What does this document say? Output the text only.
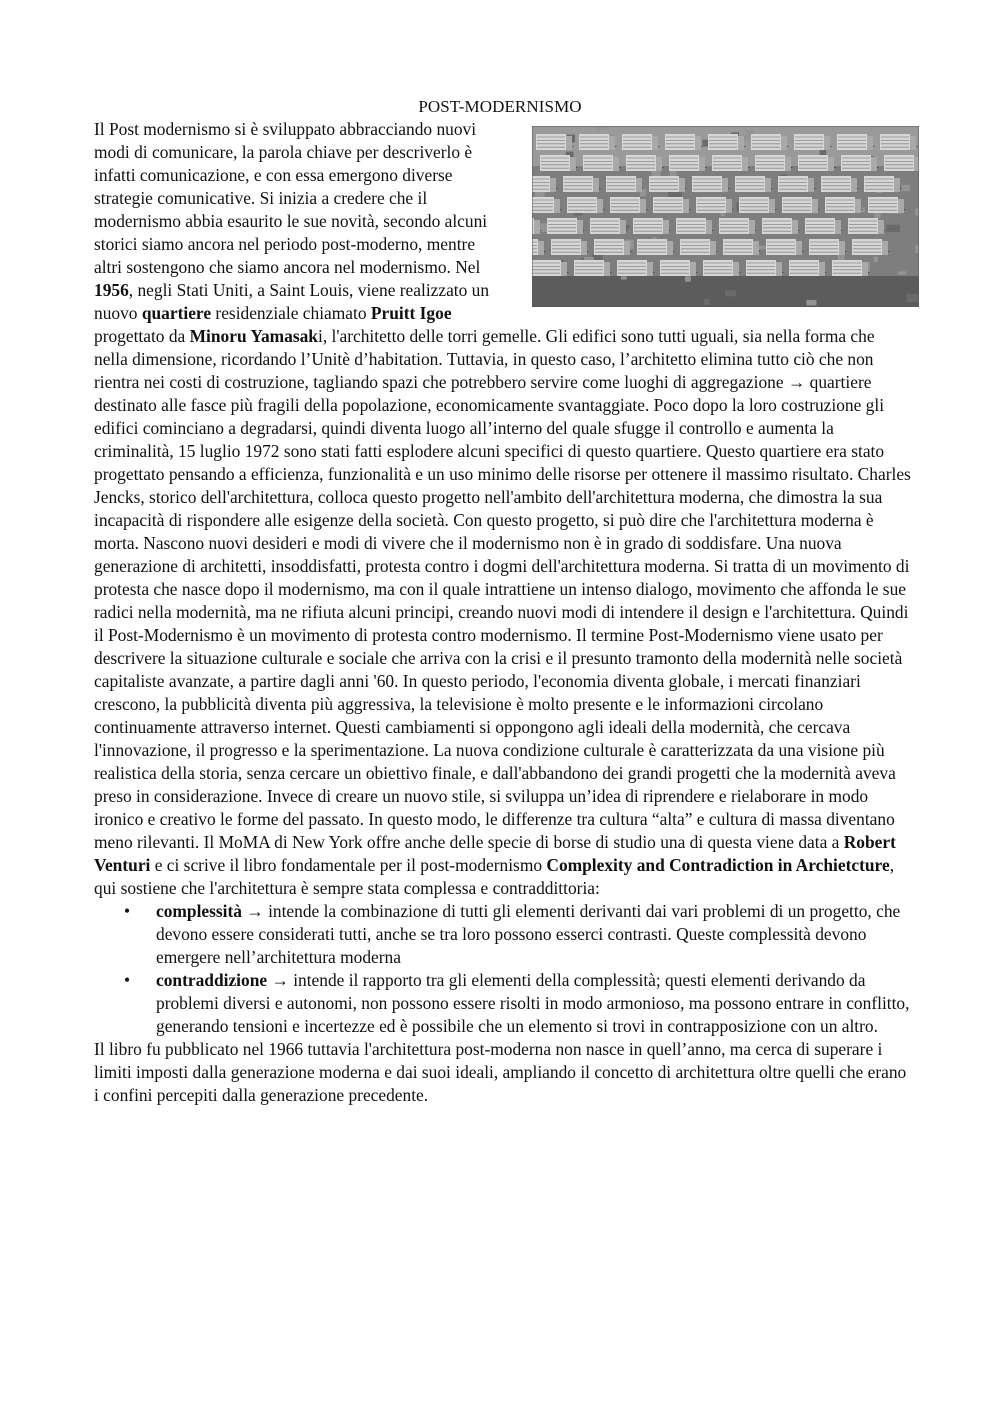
POST-MODERNISMO

Il Post modernismo si è sviluppato abbracciando nuovi modi di comunicare, la parola chiave per descriverlo è infatti comunicazione, e con essa emergono diverse strategie comunicative. Si inizia a credere che il modernismo abbia esaurito le sue novità, secondo alcuni storici siamo ancora nel periodo post-moderno, mentre altri sostengono che siamo ancora nel modernismo. Nel 1956, negli Stati Uniti, a Saint Louis, viene realizzato un nuovo quartiere residenziale chiamato Pruitt Igoe progettato da Minoru Yamasaki, l'architetto delle torri gemelle. Gli edifici sono tutti uguali, sia nella forma che nella dimensione, ricordando l’Unitè d’habitation. Tuttavia, in questo caso, l’architetto elimina tutto ciò che non rientra nei costi di costruzione, tagliando spazi che potrebbero servire come luoghi di aggregazione → quartiere destinato alle fasce più fragili della popolazione, economicamente svantaggiate. Poco dopo la loro costruzione gli edifici cominciano a degradarsi, quindi diventa luogo all’interno del quale sfugge il controllo e aumenta la criminalità, 15 luglio 1972 sono stati fatti esplodere alcuni specifici di questo quartiere. Questo quartiere era stato progettato pensando a efficienza, funzionalità e un uso minimo delle risorse per ottenere il massimo risultato. Charles Jencks, storico dell'architettura, colloca questo progetto nell'ambito dell'architettura moderna, che dimostra la sua incapacità di rispondere alle esigenze della società. Con questo progetto, si può dire che l'architettura moderna è morta. Nascono nuovi desideri e modi di vivere che il modernismo non è in grado di soddisfare. Una nuova generazione di architetti, insoddisfatti, protesta contro i dogmi dell'architettura moderna. Si tratta di un movimento di protesta che nasce dopo il modernismo, ma con il quale intrattiene un intenso dialogo, movimento che affonda le sue radici nella modernità, ma ne rifiuta alcuni principi, creando nuovi modi di intendere il design e l'architettura. Quindi il Post-Modernismo è un movimento di protesta contro modernismo. Il termine Post-Modernismo viene usato per descrivere la situazione culturale e sociale che arriva con la crisi e il presunto tramonto della modernità nelle società capitaliste avanzate, a partire dagli anni '60. In questo periodo, l'economia diventa globale, i mercati finanziari crescono, la pubblicità diventa più aggressiva, la televisione è molto presente e le informazioni circolano continuamente attraverso internet. Questi cambiamenti si oppongono agli ideali della modernità, che cercava l'innovazione, il progresso e la sperimentazione. La nuova condizione culturale è caratterizzata da una visione più realistica della storia, senza cercare un obiettivo finale, e dall'abbandono dei grandi progetti che la modernità aveva preso in considerazione. Invece di creare un nuovo stile, si sviluppa un’idea di riprendere e rielaborare in modo ironico e creativo le forme del passato. In questo modo, le differenze tra cultura “alta” e cultura di massa diventano meno rilevanti. Il MoMA di New York offre anche delle specie di borse di studio una di questa viene data a Robert Venturi e ci scrive il libro fondamentale per il post-modernismo Complexity and Contradiction in Archietcture, qui sostiene che l'architettura è sempre stata complessa e contraddittoria:

• complessità → intende la combinazione di tutti gli elementi derivanti dai vari problemi di un progetto, che devono essere considerati tutti, anche se tra loro possono esserci contrasti. Queste complessità devono emergere nell’architettura moderna
• contraddizione → intende il rapporto tra gli elementi della complessità; questi elementi derivando da problemi diversi e autonomi, non possono essere risolti in modo armonioso, ma possono entrare in conflitto, generando tensioni e incertezze ed è possibile che un elemento si trovi in contrapposizione con un altro.

Il libro fu pubblicato nel 1966 tuttavia l'architettura post-moderna non nasce in quell’anno, ma cerca di superare i limiti imposti dalla generazione moderna e dai suoi ideali, ampliando il concetto di architettura oltre quelli che erano i confini percepiti dalla generazione precedente.
